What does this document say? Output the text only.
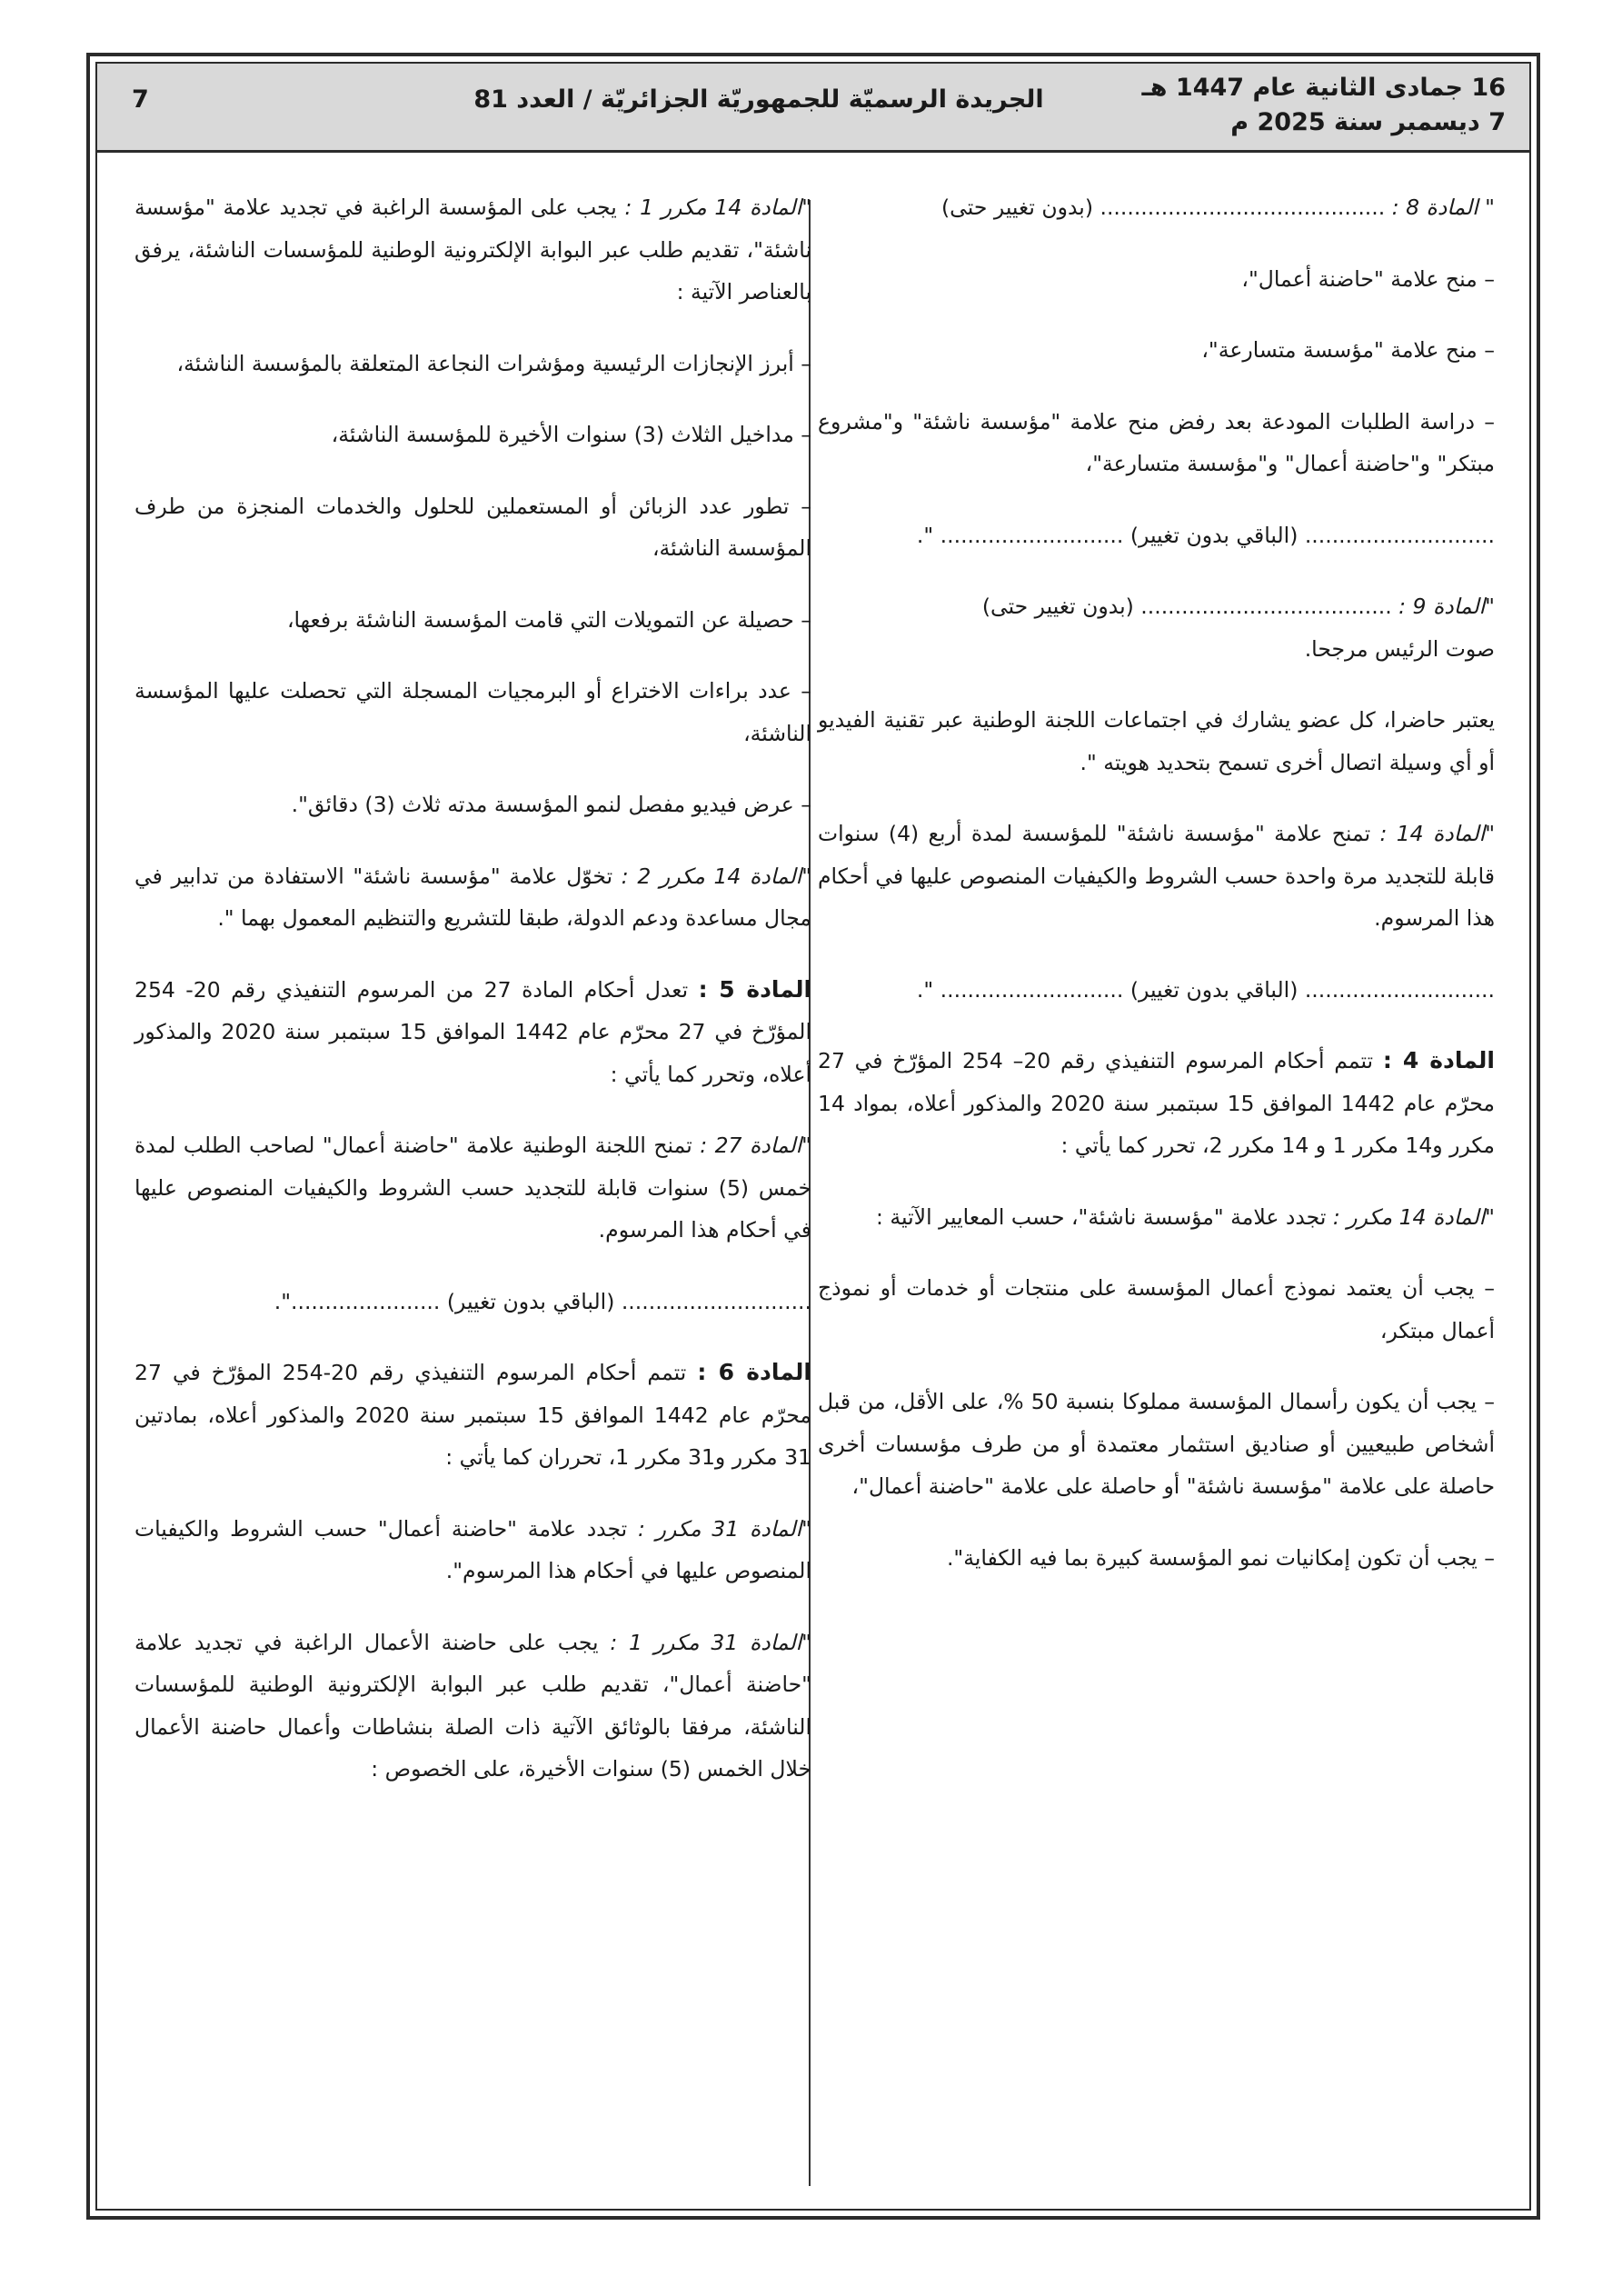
16 جمادى الثانية عام 1447 هـ
7 ديسمبر سنة 2025 م
الجريدة الرسميّة للجمهوريّة الجزائريّة / العدد 81
7

" المادة 8 : .......................................... (بدون تغيير حتى)

– منح علامة "حاضنة أعمال"،

– منح علامة "مؤسسة متسارعة"،

– دراسة الطلبات المودعة بعد رفض منح علامة "مؤسسة ناشئة" و"مشروع مبتكر" و"حاضنة أعمال" و"مؤسسة متسارعة"،

............................ (الباقي بدون تغيير) ........................... ".

"المادة 9 : ..................................... (بدون تغيير حتى)

صوت الرئيس مرجحا.

يعتبر حاضرا، كل عضو يشارك في اجتماعات اللجنة الوطنية عبر تقنية الفيديو أو أي وسيلة اتصال أخرى تسمح بتحديد هويته ".

"المادة 14 : تمنح علامة "مؤسسة ناشئة" للمؤسسة لمدة أربع (4) سنوات قابلة للتجديد مرة واحدة حسب الشروط والكيفيات المنصوص عليها في أحكام هذا المرسوم.

............................ (الباقي بدون تغيير) ........................... ".

المادة 4 : تتمم أحكام المرسوم التنفيذي رقم 20– 254 المؤرّخ في 27 محرّم عام 1442 الموافق 15 سبتمبر سنة 2020 والمذكور أعلاه، بمواد 14 مكرر و14 مكرر 1 و 14 مكرر 2، تحرر كما يأتي :

"المادة 14 مكرر : تجدد علامة "مؤسسة ناشئة"، حسب المعايير الآتية :

– يجب أن يعتمد نموذج أعمال المؤسسة على منتجات أو خدمات أو نموذج أعمال مبتكر،

– يجب أن يكون رأسمال المؤسسة مملوكا بنسبة 50 %، على الأقل، من قبل أشخاص طبيعيين أو صناديق استثمار معتمدة أو من طرف مؤسسات أخرى حاصلة على علامة "مؤسسة ناشئة" أو حاصلة على علامة "حاضنة أعمال"،

– يجب أن تكون إمكانيات نمو المؤسسة كبيرة بما فيه الكفاية".

"المادة 14 مكرر 1 : يجب على المؤسسة الراغبة في تجديد علامة "مؤسسة ناشئة"، تقديم طلب عبر البوابة الإلكترونية الوطنية للمؤسسات الناشئة، يرفق بالعناصر الآتية :

– أبرز الإنجازات الرئيسية ومؤشرات النجاعة المتعلقة بالمؤسسة الناشئة،

– مداخيل الثلاث (3) سنوات الأخيرة للمؤسسة الناشئة،

– تطور عدد الزبائن أو المستعملين للحلول والخدمات المنجزة من طرف المؤسسة الناشئة،

– حصيلة عن التمويلات التي قامت المؤسسة الناشئة برفعها،

– عدد براءات الاختراع أو البرمجيات المسجلة التي تحصلت عليها المؤسسة الناشئة،

– عرض فيديو مفصل لنمو المؤسسة مدته ثلاث (3) دقائق".

"المادة 14 مكرر 2 : تخوّل علامة "مؤسسة ناشئة" الاستفادة من تدابير في مجال مساعدة ودعم الدولة، طبقا للتشريع والتنظيم المعمول بهما ".

المادة 5 : تعدل أحكام المادة 27 من المرسوم التنفيذي رقم 20- 254 المؤرّخ في 27 محرّم عام 1442 الموافق 15 سبتمبر سنة 2020 والمذكور أعلاه، وتحرر كما يأتي :

"المادة 27 : تمنح اللجنة الوطنية علامة "حاضنة أعمال" لصاحب الطلب لمدة خمس (5) سنوات قابلة للتجديد حسب الشروط والكيفيات المنصوص عليها في أحكام هذا المرسوم.

............................ (الباقي بدون تغيير) ......................".

المادة 6 : تتمم أحكام المرسوم التنفيذي رقم 20-254 المؤرّخ في 27 محرّم عام 1442 الموافق 15 سبتمبر سنة 2020 والمذكور أعلاه، بمادتين 31 مكرر و31 مكرر 1، تحرران كما يأتي :

"المادة 31 مكرر : تجدد علامة "حاضنة أعمال" حسب الشروط والكيفيات المنصوص عليها في أحكام هذا المرسوم".

"المادة 31 مكرر 1 : يجب على حاضنة الأعمال الراغبة في تجديد علامة "حاضنة أعمال"، تقديم طلب عبر البوابة الإلكترونية الوطنية للمؤسسات الناشئة، مرفقا بالوثائق الآتية ذات الصلة بنشاطات وأعمال حاضنة الأعمال خلال الخمس (5) سنوات الأخيرة، على الخصوص :
